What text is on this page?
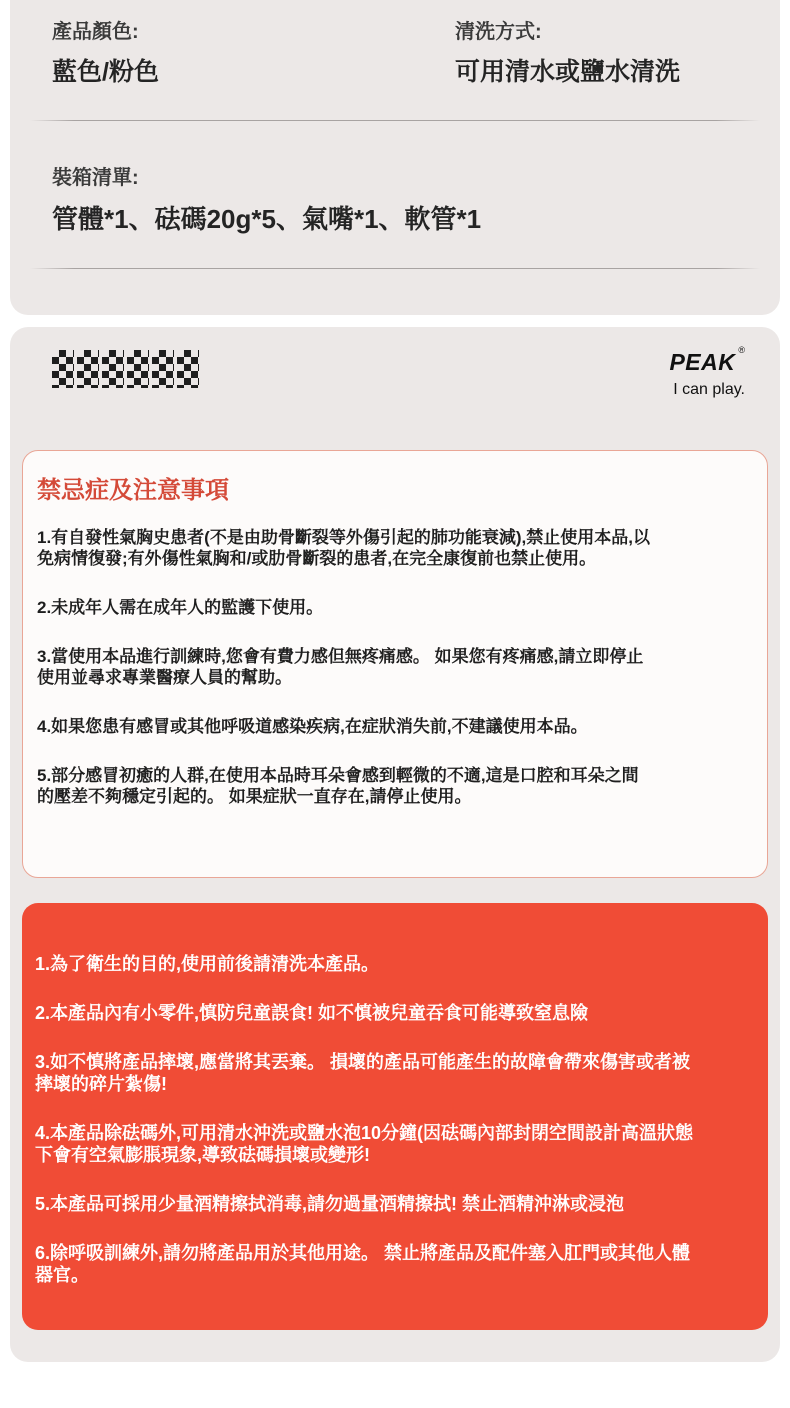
產品顏色:
藍色/粉色
清洗方式:
可用清水或鹽水清洗
裝箱清單:
管體*1、砝碼20g*5、氣嘴*1、軟管*1
PEAK ®
I can play.
禁忌症及注意事項
1.有自發性氣胸史患者(不是由助骨斷裂等外傷引起的肺功能衰減),禁止使用本品,以
免病情復發;有外傷性氣胸和/或肋骨斷裂的患者,在完全康復前也禁止使用。
2.未成年人需在成年人的監護下使用。
3.當使用本品進行訓練時,您會有費力感但無疼痛感。 如果您有疼痛感,請立即停止
使用並尋求專業醫療人員的幫助。
4.如果您患有感冒或其他呼吸道感染疾病,在症狀消失前,不建議使用本品。
5.部分感冒初癒的人群,在使用本品時耳朵會感到輕微的不適,這是口腔和耳朵之間
的壓差不夠穩定引起的。 如果症狀一直存在,請停止使用。
1.為了衛生的目的,使用前後請清洗本產品。
2.本產品內有小零件,慎防兒童誤食! 如不慎被兒童吞食可能導致窒息險
3.如不慎將產品摔壞,應當將其丟棄。 損壞的產品可能產生的故障會帶來傷害或者被
摔壞的碎片紮傷!
4.本產品除砝碼外,可用清水沖洗或鹽水泡10分鐘(因砝碼內部封閉空間設計高溫狀態
下會有空氣膨脹現象,導致砝碼損壞或變形!
5.本產品可採用少量酒精擦拭消毒,請勿過量酒精擦拭! 禁止酒精沖淋或浸泡
6.除呼吸訓練外,請勿將產品用於其他用途。 禁止將產品及配件塞入肛門或其他人體
器官。
